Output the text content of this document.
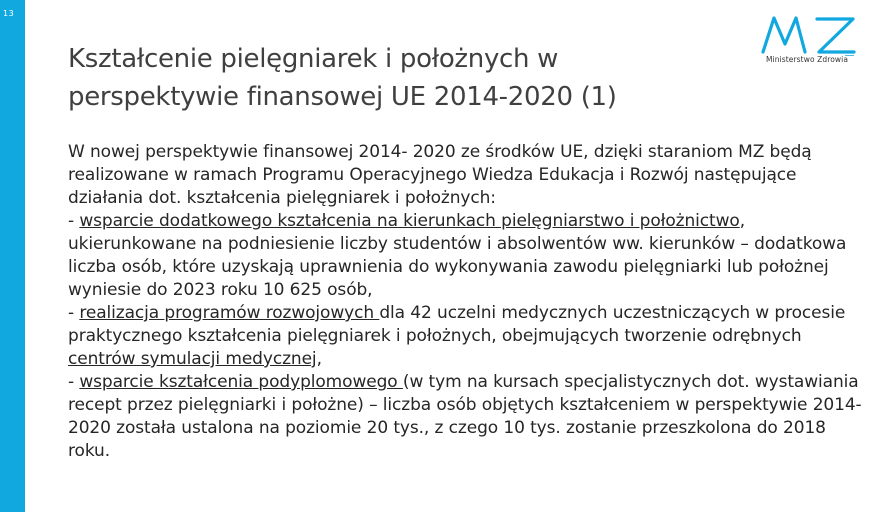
13
Ministerstwo Zdrowia
Kształcenie pielęgniarek i położnych w
perspektywie finansowej UE 2014-2020 (1)

W nowej perspektywie finansowej 2014- 2020 ze środków UE, dzięki staraniom MZ będą realizowane w ramach Programu Operacyjnego Wiedza Edukacja i Rozwój następujące działania dot. kształcenia pielęgniarek i położnych:

- wsparcie dodatkowego kształcenia na kierunkach pielęgniarstwo i położnictwo, ukierunkowane na podniesienie liczby studentów i absolwentów ww. kierunków – dodatkowa liczba osób, które uzyskają uprawnienia do wykonywania zawodu pielęgniarki lub położnej wyniesie do 2023 roku 10 625 osób,

- realizacja programów rozwojowych dla 42 uczelni medycznych uczestniczących w procesie praktycznego kształcenia pielęgniarek i położnych, obejmujących tworzenie odrębnych centrów symulacji medycznej,

- wsparcie kształcenia podyplomowego (w tym na kursach specjalistycznych dot. wystawiania recept przez pielęgniarki i położne) – liczba osób objętych kształceniem w perspektywie 2014-2020 została ustalona na poziomie 20 tys., z czego 10 tys. zostanie przeszkolona do 2018 roku.
